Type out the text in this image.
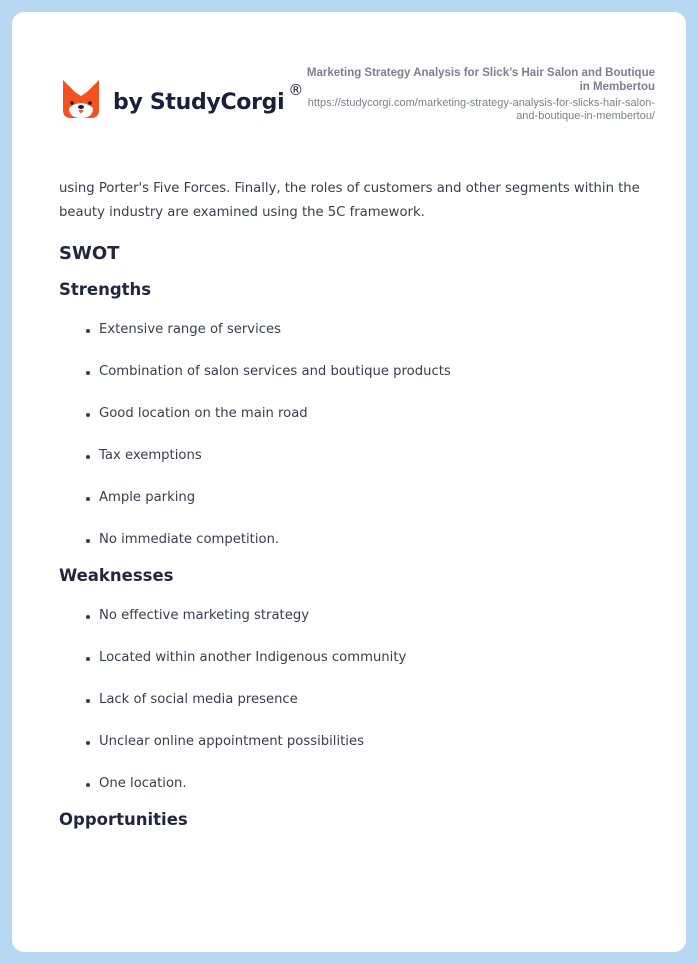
by StudyCorgi ®
Marketing Strategy Analysis for Slick’s Hair Salon and Boutique in Membertou
https://studycorgi.com/marketing-strategy-analysis-for-slicks-hair-salon-and-boutique-in-membertou/

using Porter's Five Forces. Finally, the roles of customers and other segments within the beauty industry are examined using the 5C framework.

SWOT
Strengths
Extensive range of services
Combination of salon services and boutique products
Good location on the main road
Tax exemptions
Ample parking
No immediate competition.
Weaknesses
No effective marketing strategy
Located within another Indigenous community
Lack of social media presence
Unclear online appointment possibilities
One location.
Opportunities
